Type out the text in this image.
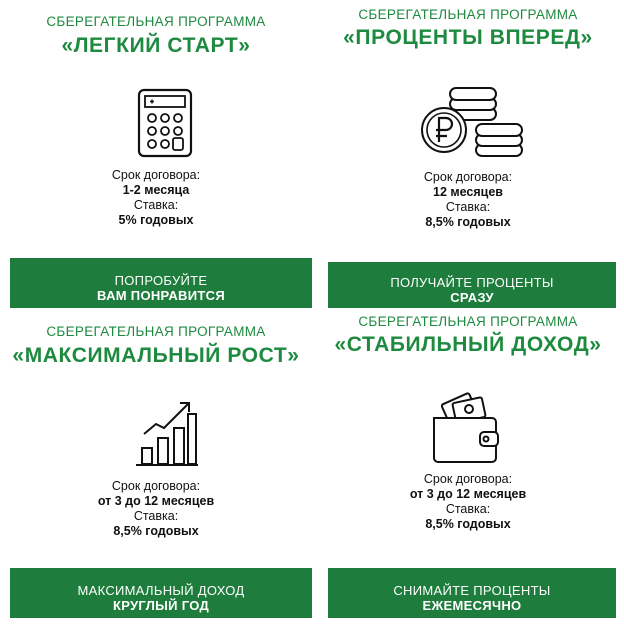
СБЕРЕГАТЕЛЬНАЯ ПРОГРАММА
«ЛЕГКИЙ СТАРТ»
Срок договора:
1-2 месяца
Ставка:
5% годовых
ПОПРОБУЙТЕ
ВАМ ПОНРАВИТСЯ
СБЕРЕГАТЕЛЬНАЯ ПРОГРАММА
«ПРОЦЕНТЫ ВПЕРЕД»
Срок договора:
12 месяцев
Ставка:
8,5% годовых
ПОЛУЧАЙТЕ ПРОЦЕНТЫ
СРАЗУ
СБЕРЕГАТЕЛЬНАЯ ПРОГРАММА
«МАКСИМАЛЬНЫЙ РОСТ»
Срок договора:
от 3 до 12 месяцев
Ставка:
8,5% годовых
МАКСИМАЛЬНЫЙ ДОХОД
КРУГЛЫЙ ГОД
СБЕРЕГАТЕЛЬНАЯ ПРОГРАММА
«СТАБИЛЬНЫЙ ДОХОД»
Срок договора:
от 3 до 12 месяцев
Ставка:
8,5% годовых
СНИМАЙТЕ ПРОЦЕНТЫ
ЕЖЕМЕСЯЧНО
